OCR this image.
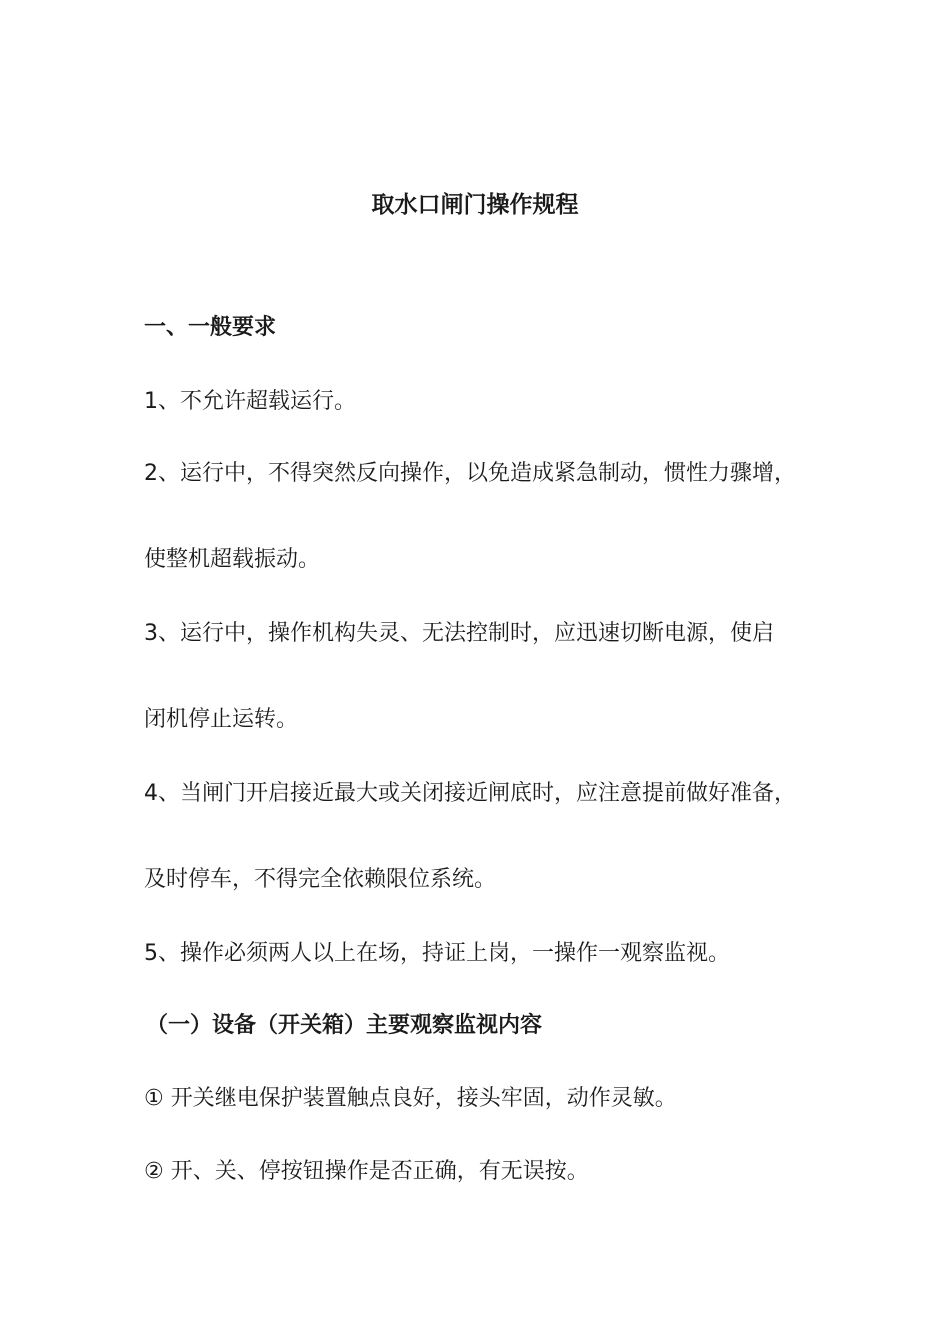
取水口闸门操作规程
一、一般要求
1、不允许超载运行。
2、运行中，不得突然反向操作，以免造成紧急制动，惯性力骤增，
使整机超载振动。
3、运行中，操作机构失灵、无法控制时，应迅速切断电源，使启
闭机停止运转。
4、当闸门开启接近最大或关闭接近闸底时，应注意提前做好准备，
及时停车，不得完全依赖限位系统。
5、操作必须两人以上在场，持证上岗，一操作一观察监视。
（一）设备（开关箱）主要观察监视内容
① 开关继电保护装置触点良好，接头牢固，动作灵敏。
② 开、关、停按钮操作是否正确，有无误按。
